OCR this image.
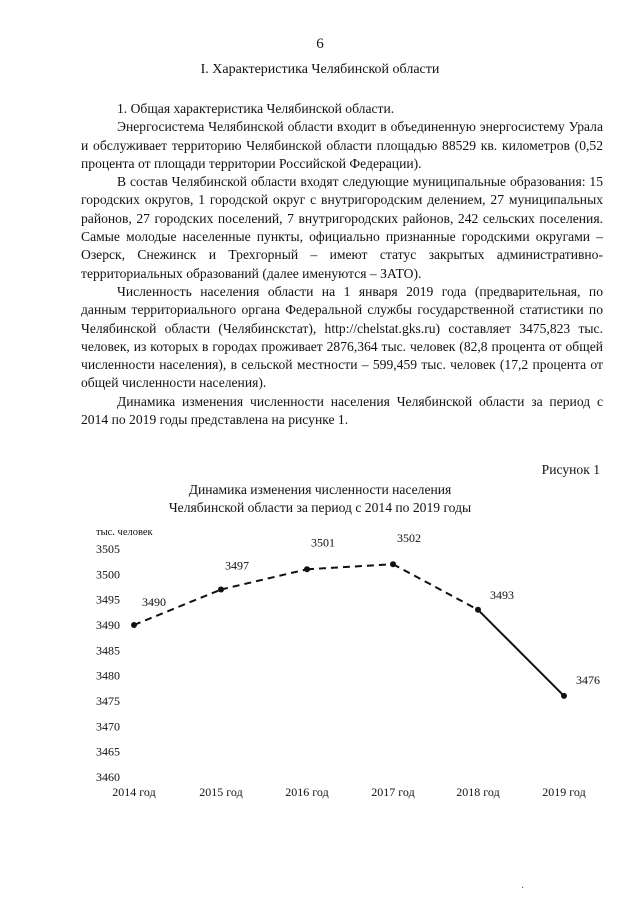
6
I. Характеристика Челябинской области

1. Общая характеристика Челябинской области.

Энергосистема Челябинской области входит в объединенную энергосистему Урала и обслуживает территорию Челябинской области площадью 88529 кв. километров (0,52 процента от площади территории Российской Федерации).

В состав Челябинской области входят следующие муниципальные образования: 15 городских округов, 1 городской округ с внутригородским делением, 27 муниципальных районов, 27 городских поселений, 7 внутригородских районов, 242 сельских поселения. Самые молодые населенные пункты, официально признанные городскими округами – Озерск, Снежинск и Трехгорный – имеют статус закрытых административно-территориальных образований (далее именуются – ЗАТО).

Численность населения области на 1 января 2019 года (предварительная, по данным территориального органа Федеральной службы государственной статистики по Челябинской области (Челябинскстат), http://chelstat.gks.ru) составляет 3475,823 тыс. человек, из которых в городах проживает 2876,364 тыс. человек (82,8 процента от общей численности населения), в сельской местности – 599,459 тыс. человек (17,2 процента от общей численности населения).

Динамика изменения численности населения Челябинской области за период с 2014 по 2019 годы представлена на рисунке 1.

Рисунок 1
Динамика изменения численности населения
Челябинской области за период с 2014 по 2019 годы
тыс. человек
3460
3465
3470
3475
3480
3485
3490
3495
3500
3505
2014 год	2015 год	2016 год	2017 год	2018 год	2019 год
3490
3497
3501	3502
3493
3476
·
